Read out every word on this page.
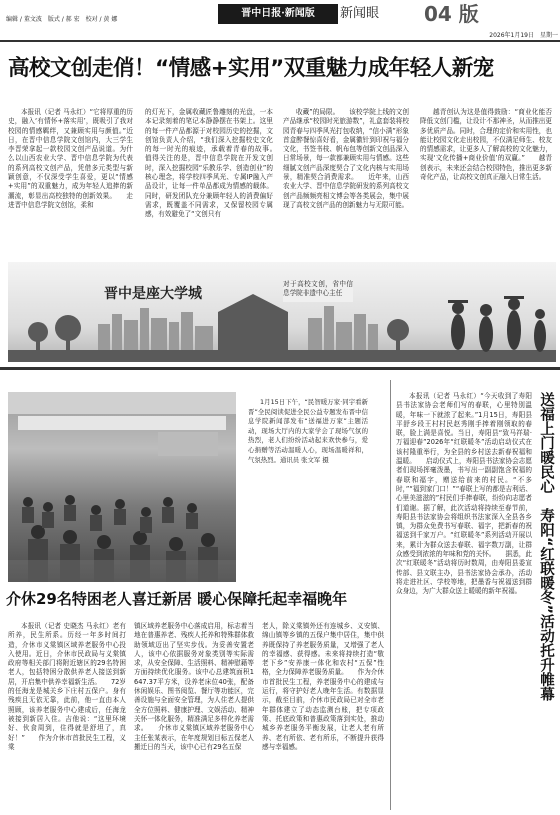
编辑 / 董文波　版式 / 郝 宏　校对 / 黄 娜
晋中日报·新闻版	新闻眼 04 版
2026年1月19日　星期一
高校文创走俏！“情感+实用”双重魅力成年轻人新宠
本报讯（记者 马永红）“它将厚重的历史，融入‘有情怀+落实用’，既吸引了我对校园的情感羁绊，又兼顾实用与颜值。”近日，在晋中信息学院文创馆内，大三学生李晋荣拿起一款校园文创产品说道。为什么以山西农业大学、晋中信息学院为代表的系列高校文创产品，凭借多元类型与新颖创意，不仅深受学生喜爱，更以“情感+实用”的双重魅力，成为年轻人追捧的新潮流，彰显出高校独特的创新效果。　　走进晋中信息学院文创馆，柔和
的灯光下，金属收藏匠鲁雕刻的光盘，一本本记录刻着的笔记本静静摆在书架上。这里的每一件产品都源于对校园历史的挖掘，文创馆负责人介绍，“我们深入挖掘校史文化的每一时光的痕迹，承载着青春的故事。　　值得关注的是，晋中信息学院在开发文创时，深入挖掘校园“乐教乐学、创造创业”的核心理念，将学校四季风光、专属IP融入产品设计，让每一件单品都成为情感的载体。同时，研发团队充分兼顾年轻人的消费偏好需求，既覆盖不同需求，又保留校园专属感，有效避免了“文创只有
收藏”的局限。　　该校学院上线的文创产品继承“校园时光旅游数”，礼盒套装将校园青春与四季风光打包收纳，“信小满”形象首盒醉餐惊喜好看，金属徽针到印祝与福分文化，书签书枝、帆布包等创新文创品深入日常场景，每一款都兼顾实用与情感。这些细腻文创产品深度契合了文化内核与实用场景，精准契合消费需求。　　近年来，山西农业大学、晋中信息学院研发的系列高校文创产品频频亮相文博会等各类展会，集中展现了高校文创产品的创新魅力与无限可能。
越青创认为这是值得鼓励：“商业化能否降低文创门槛，让设计不那神圣，从而推出更多优质产品。同时，合理的定价和实用性，也能让校园文化走出校园，不仅满足师生、校友的情感需求，让更多人了解高校的文化魅力，实现‘文化传播+商业价值’的双赢。”　　越青创表示，未来还会结合校园特色，推出更多新奇化产品，让高校文创真正融入日常生活。
晋中是座大学城
对于高校文创，省中信息学院非遗中心主任
1月15日下午，“民智暖万家·同宇看新晋”全民阅读促进全民公益专题发布晋中信息学院新闻部发布“送福进万家”主题活动，现场大厅内的大家学会了现场气氛的热烈，老人们纷纷活动起来欢快参与，爱心捐赠等活动温暖人心，现场温暖祥和，气氛热烈。通讯员 张文军 摄
介休29名特困老人喜迁新居 暖心保障托起幸福晚年
本报讯（记者 史晓杰 马永红）老有所养，民生所系。历经一年多时间打造，介休市义棠镇区域养老服务中心投入使用。近日，介休市民政局与义棠镇政府等相关部门将附近辖区的29名特困老人，包括特困分散供养老人接送到新居，开启集中供养幸福新生活。　　72岁的任海龙是城关乡下庄村五保户。身有残疾且无依无靠，此前，他一直由本人照顾，该养老服务中心建成后，任海龙被接到新居入住。吉他说：“这里环境好、伙食周到，住得就是舒坦了，真好！”　　作为介休市首批民生工程，义棠
镇区域养老服务中心落成启用，标志着当地在普惠养老、残疾人托养和特殊群体救助领域迈出了坚实步伐。为妥善安置老人，该中心依据服务对象类别等实际需求，从安全保障、生活照料、精神慰藉等方面持续优化服务。该中心总建筑面积1647.37平方米，设养老床位40张，配备休闲娱乐、图书阅览、餐厅等功能区，完善设施与全面安全管理，为人住老人提供全方位照料、健康护理、文娱活动、精神关怀一体化服务，精准满足多样化养老需求。　　介休市义棠镇区域养老服务中心主任张某表示，在年度规划目标五保老人搬迁日的当天，该中心已有29名五保
老人，除义棠镇外还有连城乡、义安镇、绵山镇等乡镇的五保户集中居住，集中供养既保持了养老服务质量，又增强了老人的幸福感、获得感。未来将持续打造“敬老下乡”安养康一体化和农村“五保”性格，全力保障养老服务质量。　　作为介休市首批民生工程，养老服务中心的建成与运行，将守护好老人晚年生活。有数据显示，截至目前，介休市民政局已对全市老年群体建立了动态监测台账，把专项政策、托底政策和普惠政策落到实处，推动城乡养老服务平衡发展，让老人老有所养、老有所依、老有所乐，不断提升获得感与幸福感。
本报讯（记者 马永红）“今天收到了寿阳县书法家协会老师们写的春联，心里特别温暖，年味一下就浓了起来。”1月15日，寿阳县平舒乡段王村村民赵秀刚手捧着刚领取的春联，脸上满是喜悦。当日，寿阳县“致马祥瑞·万福迎春”2026年“红联暖冬”活动启动仪式在该村隆重举行，为全县的乡村送去新春祝福和温暖。　　启动仪式上，寿阳县书法家协会志愿者们现场挥毫泼墨，书写出一副副饱含祝福的春联和福字，赠送给前来的村民。“不多时，”“福到家门口！”“春联上写的都是吉利话、心里美滋滋的”村民们手捧春联，纷纷向志愿者们道谢。据了解，此次活动将持续至春节前，寿阳县书法家协会将组织书法家深入全县各乡镇，为群众免费书写春联、福字，把新春的祝福送到千家万户。“红联暖冬”系列活动开展以来，累计为群众送去春联、福字数万副，让群众感受到浓浓的年味和党的关怀。　　据悉，此次“红联暖冬”活动将历时数周，由寿阳县委宣传部、县文联主办，县书法家协会承办，活动将走进社区、学校等地，把墨香与祝福送到群众身边，为广大群众送上暖暖的新年祝福。	送福上门暖民心　寿阳“红联暖冬”活动托升帷幕
